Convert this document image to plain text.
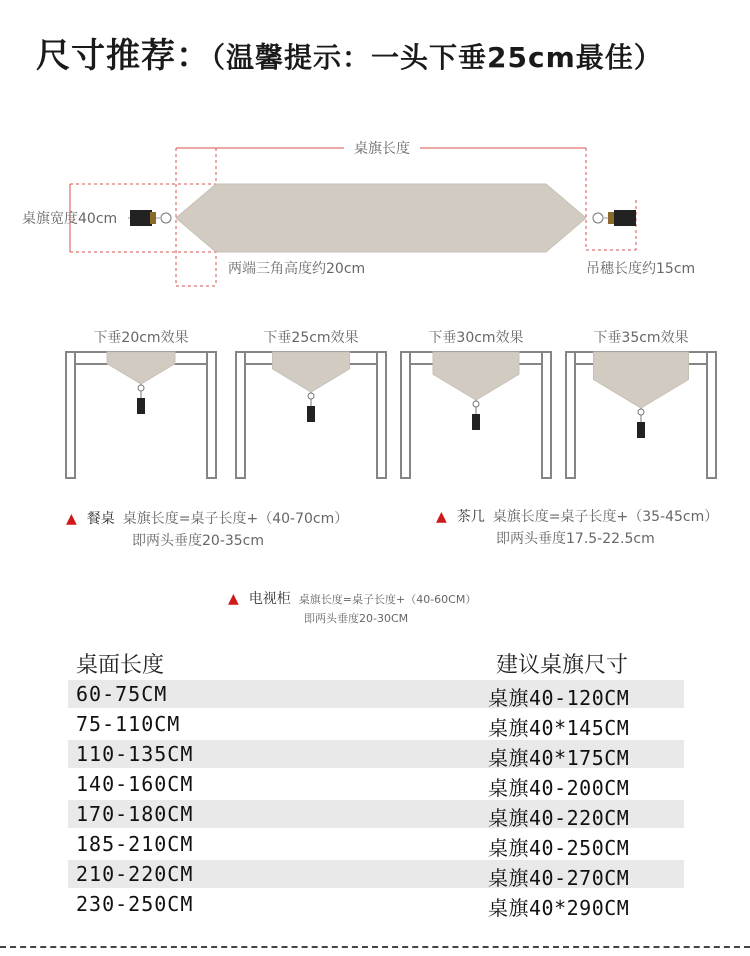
尺寸推荐：（温馨提示：一头下垂25cm最佳）
桌旗长度
桌旗宽度40cm
两端三角高度约20cm	吊穗长度约15cm
下垂20cm效果	下垂25cm效果	下垂30cm效果	下垂35cm效果
▲ 餐桌 桌旗长度=桌子长度+（40-70cm）
即两头垂度20-35cm
▲ 茶几 桌旗长度=桌子长度+（35-45cm）
即两头垂度17.5-22.5cm
▲ 电视柜 桌旗长度=桌子长度+（40-60CM）
即两头垂度20-30CM
桌面长度	建议桌旗尺寸
60-75CM	桌旗40-120CM
75-110CM	桌旗40*145CM
110-135CM	桌旗40*175CM
140-160CM	桌旗40-200CM
170-180CM	桌旗40-220CM
185-210CM	桌旗40-250CM
210-220CM	桌旗40-270CM
230-250CM	桌旗40*290CM
